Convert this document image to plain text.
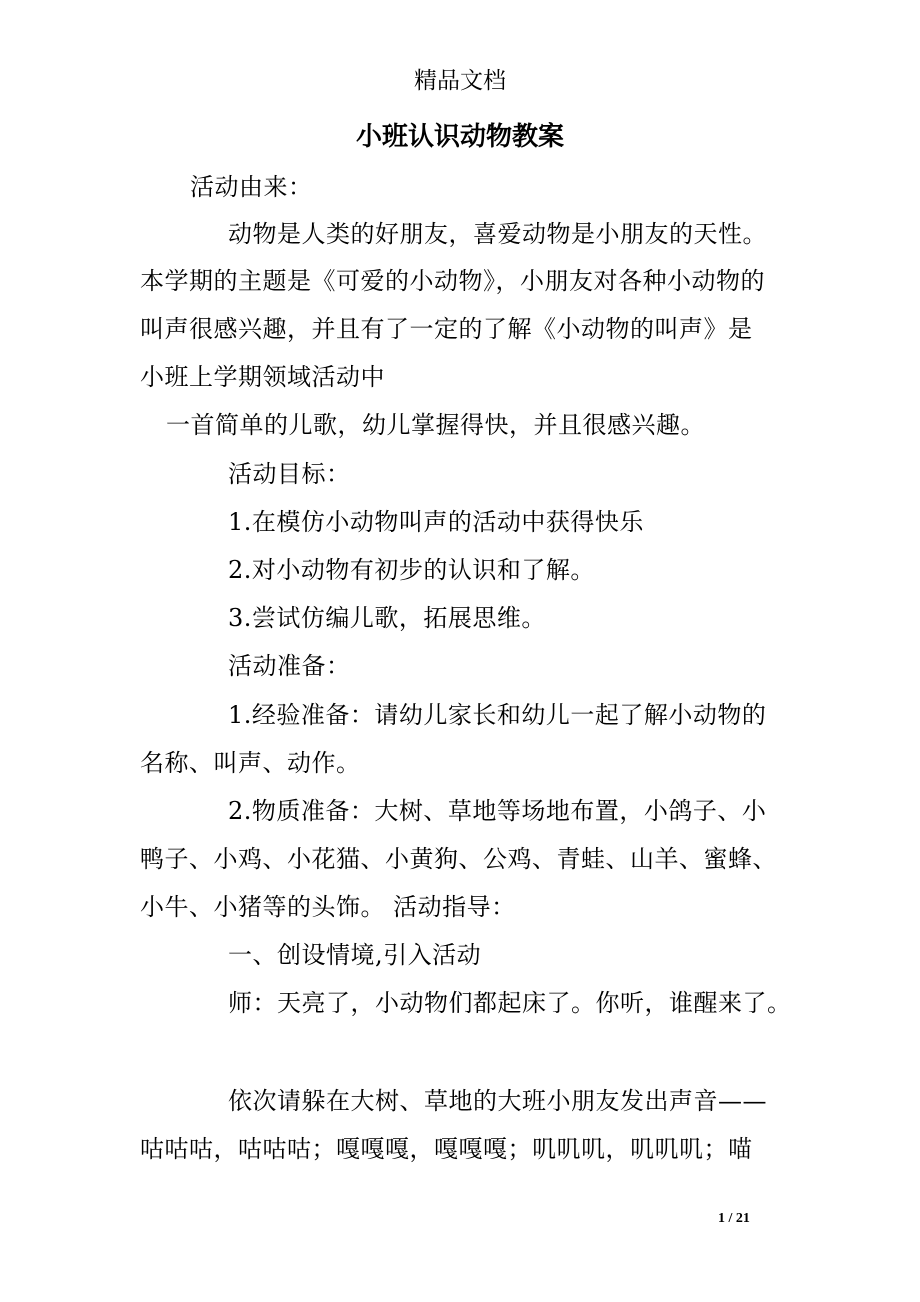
精品文档
小班认识动物教案
活动由来：
动物是人类的好朋友，喜爱动物是小朋友的天性。
本学期的主题是《可爱的小动物》，小朋友对各种小动物的
叫声很感兴趣，并且有了一定的了解《小动物的叫声》是
小班上学期领域活动中
一首简单的儿歌，幼儿掌握得快，并且很感兴趣。
活动目标：
1.在模仿小动物叫声的活动中获得快乐
2.对小动物有初步的认识和了解。
3.尝试仿编儿歌，拓展思维。
活动准备：
1.经验准备：请幼儿家长和幼儿一起了解小动物的
名称、叫声、动作。
2.物质准备：大树、草地等场地布置，小鸽子、小
鸭子、小鸡、小花猫、小黄狗、公鸡、青蛙、山羊、蜜蜂、
小牛、小猪等的头饰。 活动指导：
一、创设情境,引入活动
师：天亮了，小动物们都起床了。你听，谁醒来了。
依次请躲在大树、草地的大班小朋友发出声音——
咕咕咕，咕咕咕；嘎嘎嘎，嘎嘎嘎；叽叽叽，叽叽叽；喵
1 / 21
